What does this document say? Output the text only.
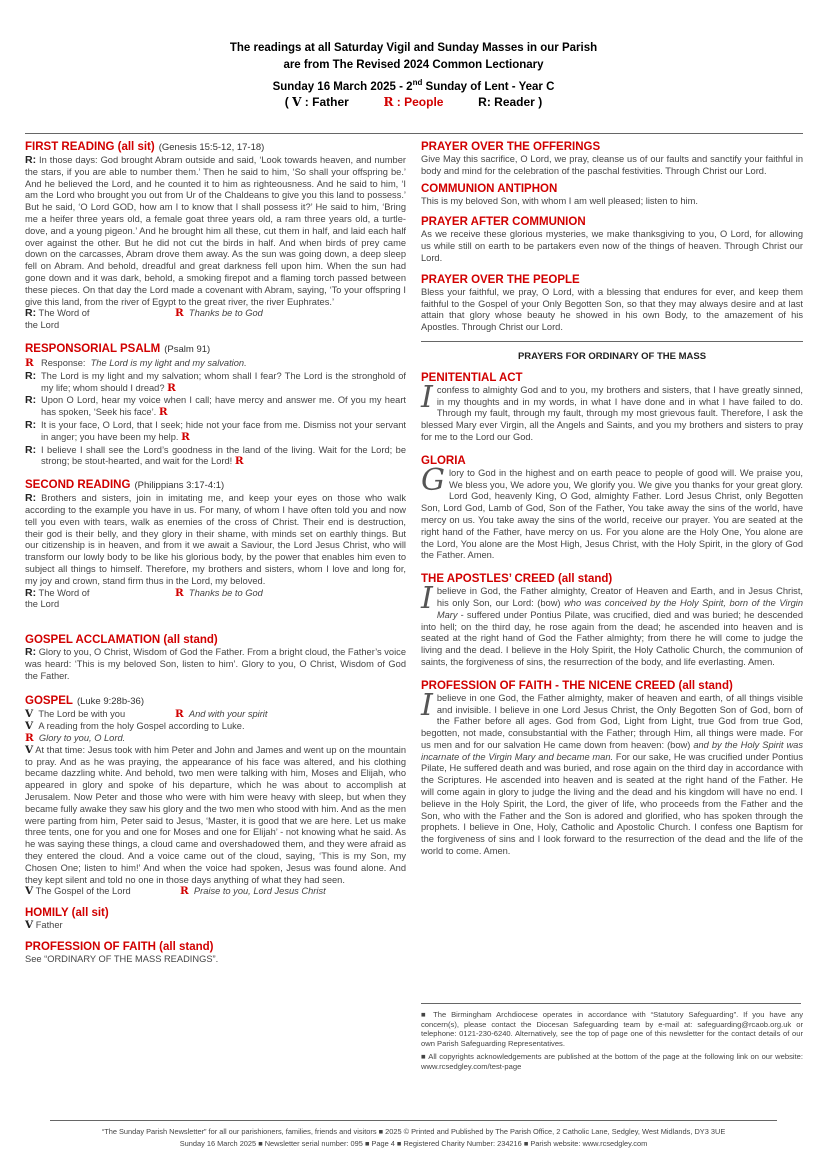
The readings at all Saturday Vigil and Sunday Masses in our Parish
are from The Revised 2024 Common Lectionary
Sunday 16 March 2025 - 2nd Sunday of Lent - Year C
( V : Father	R : People	R: Reader )
FIRST READING (all sit) (Genesis 15:5-12, 17-18)

R: In those days: God brought Abram outside and said, ‘Look towards heaven, and number the stars, if you are able to number them.’ Then he said to him, ‘So shall your offspring be.’ And he believed the Lord, and he counted it to him as righteousness. And he said to him, ‘I am the Lord who brought you out from Ur of the Chaldeans to give you this land to possess.’ But he said, ‘O Lord GOD, how am I to know that I shall possess it?’ He said to him, ‘Bring me a heifer three years old, a female goat three years old, a ram three years old, a turtle-dove, and a young pigeon.’ And he brought him all these, cut them in half, and laid each half over against the other. But he did not cut the birds in half. And when birds of prey came down on the carcasses, Abram drove them away. As the sun was going down, a deep sleep fell on Abram. And behold, dreadful and great darkness fell upon him. When the sun had gone down and it was dark, behold, a smoking firepot and a flaming torch passed between these pieces. On that day the Lord made a covenant with Abram, saying, ‘To your offspring I give this land, from the river of Egypt to the great river, the river Euphrates.’

R: The Word of the Lord
R
Thanks be to God
RESPONSORIAL PSALM (Psalm 91)
R Response: The Lord is my light and my salvation.
R: The Lord is my light and my salvation; whom shall I fear? The Lord is the stronghold of my life; whom should I dread? R
R: Upon O Lord, hear my voice when I call; have mercy and answer me. Of you my heart has spoken, ‘Seek his face’. R
R: It is your face, O Lord, that I seek; hide not your face from me. Dismiss not your servant in anger; you have been my help. R
R: I believe I shall see the Lord’s goodness in the land of the living. Wait for the Lord; be strong; be stout-hearted, and wait for the Lord! R
SECOND READING (Philippians 3:17-4:1)

R: Brothers and sisters, join in imitating me, and keep your eyes on those who walk according to the example you have in us. For many, of whom I have often told you and now tell you even with tears, walk as enemies of the cross of Christ. Their end is destruction, their god is their belly, and they glory in their shame, with minds set on earthly things. But our citizenship is in heaven, and from it we await a Saviour, the Lord Jesus Christ, who will transform our lowly body to be like his glorious body, by the power that enables him even to subject all things to himself. Therefore, my brothers and sisters, whom I love and long for, my joy and crown, stand firm thus in the Lord, my beloved.

R: The Word of the Lord
R
Thanks be to God
GOSPEL ACCLAMATION (all stand)

R: Glory to you, O Christ, Wisdom of God the Father. From a bright cloud, the Father’s voice was heard: ‘This is my beloved Son, listen to him’. Glory to you, O Christ, Wisdom of God the Father.

GOSPEL (Luke 9:28b-36)
V The Lord be with you	R
And with your spirit
V A reading from the holy Gospel according to Luke.
R Glory to you, O Lord.

V At that time: Jesus took with him Peter and John and James and went up on the mountain to pray. And as he was praying, the appearance of his face was altered, and his clothing became dazzling white. And behold, two men were talking with him, Moses and Elijah, who appeared in glory and spoke of his departure, which he was about to accomplish at Jerusalem. Now Peter and those who were with him were heavy with sleep, but when they became fully awake they saw his glory and the two men who stood with him. And as the men were parting from him, Peter said to Jesus, ‘Master, it is good that we are here. Let us make three tents, one for you and one for Moses and one for Elijah’ - not knowing what he said. As he was saying these things, a cloud came and overshadowed them, and they were afraid as they entered the cloud. And a voice came out of the cloud, saying, ‘This is my Son, my Chosen One; listen to him!’ And when the voice had spoken, Jesus was found alone. And they kept silent and told no one in those days anything of what they had seen.

V The Gospel of the Lord	R
Praise to you, Lord Jesus Christ
HOMILY (all sit)
V Father
PROFESSION OF FAITH (all stand)
See “ORDINARY OF THE MASS READINGS”.
PRAYER OVER THE OFFERINGS

Give May this sacrifice, O Lord, we pray, cleanse us of our faults and sanctify your faithful in body and mind for the celebration of the paschal festivities. Through Christ our Lord.

COMMUNION ANTIPHON

This is my beloved Son, with whom I am well pleased; listen to him.

PRAYER AFTER COMMUNION

As we receive these glorious mysteries, we make thanksgiving to you, O Lord, for allowing us while still on earth to be partakers even now of the things of heaven. Through Christ our Lord.

PRAYER OVER THE PEOPLE

Bless your faithful, we pray, O Lord, with a blessing that endures for ever, and keep them faithful to the Gospel of your Only Begotten Son, so that they may always desire and at last attain that glory whose beauty he showed in his own Body, to the amazement of his Apostles. Through Christ our Lord.

PRAYERS FOR ORDINARY OF THE MASS
PENITENTIAL ACT

I confess to almighty God and to you, my brothers and sisters, that I have greatly sinned, in my thoughts and in my words, in what I have done and in what I have failed to do. Through my fault, through my fault, through my most grievous fault. Therefore, I ask the blessed Mary ever Virgin, all the Angels and Saints, and you my brothers and sisters to pray for me to the Lord our God.

GLORIA

Glory to God in the highest and on earth peace to people of good will. We praise you, We bless you, We adore you, We glorify you. We give you thanks for your great glory. Lord God, heavenly King, O God, almighty Father. Lord Jesus Christ, only Begotten Son, Lord God, Lamb of God, Son of the Father, You take away the sins of the world, have mercy on us. You take away the sins of the world, receive our prayer. You are seated at the right hand of the Father, have mercy on us. For you alone are the Holy One, You alone are the Lord, You alone are the Most High, Jesus Christ, with the Holy Spirit, in the glory of God the Father. Amen.

THE APOSTLES’ CREED (all stand)

I believe in God, the Father almighty, Creator of Heaven and Earth, and in Jesus Christ, his only Son, our Lord: (bow) who was conceived by the Holy Spirit, born of the Virgin Mary - suffered under Pontius Pilate, was crucified, died and was buried; he descended into hell; on the third day, he rose again from the dead; he ascended into heaven and is seated at the right hand of God the Father almighty; from there he will come to judge the living and the dead. I believe in the Holy Spirit, the Holy Catholic Church, the communion of saints, the forgiveness of sins, the resurrection of the body, and life everlasting. Amen.

PROFESSION OF FAITH - THE NICENE CREED (all stand)

I believe in one God, the Father almighty, maker of heaven and earth, of all things visible and invisible. I believe in one Lord Jesus Christ, the Only Begotten Son of God, born of the Father before all ages. God from God, Light from Light, true God from true God, begotten, not made, consubstantial with the Father; through Him, all things were made. For us men and for our salvation He came down from heaven: (bow) and by the Holy Spirit was incarnate of the Virgin Mary and became man. For our sake, He was crucified under Pontius Pilate, He suffered death and was buried, and rose again on the third day in accordance with the Scriptures. He ascended into heaven and is seated at the right hand of the Father. He will come again in glory to judge the living and the dead and his kingdom will have no end. I believe in the Holy Spirit, the Lord, the giver of life, who proceeds from the Father and the Son, who with the Father and the Son is adored and glorified, who has spoken through the prophets. I believe in One, Holy, Catholic and Apostolic Church. I confess one Baptism for the forgiveness of sins and I look forward to the resurrection of the dead and the life of the world to come. Amen.

■ The Birmingham Archdiocese operates in accordance with “Statutory Safeguarding”. If you have any concern(s), please contact the Diocesan Safeguarding team by e-mail at: safeguarding@rcaob.org.uk or telephone: 0121-230-6240. Alternatively, see the top of page one of this newsletter for the contact details of our own Parish Safeguarding Representatives.

■ All copyrights acknowledgements are published at the bottom of the page at the following link on our website: www.rcsedgley.com/test-page

“The Sunday Parish Newsletter” for all our parishioners, families, friends and visitors ■ 2025 © Printed and Published by The Parish Office, 2 Catholic Lane, Sedgley, West Midlands, DY3 3UE
Sunday 16 March 2025 ■ Newsletter serial number: 095 ■ Page 4 ■ Registered Charity Number: 234216 ■ Parish website: www.rcsedgley.com
